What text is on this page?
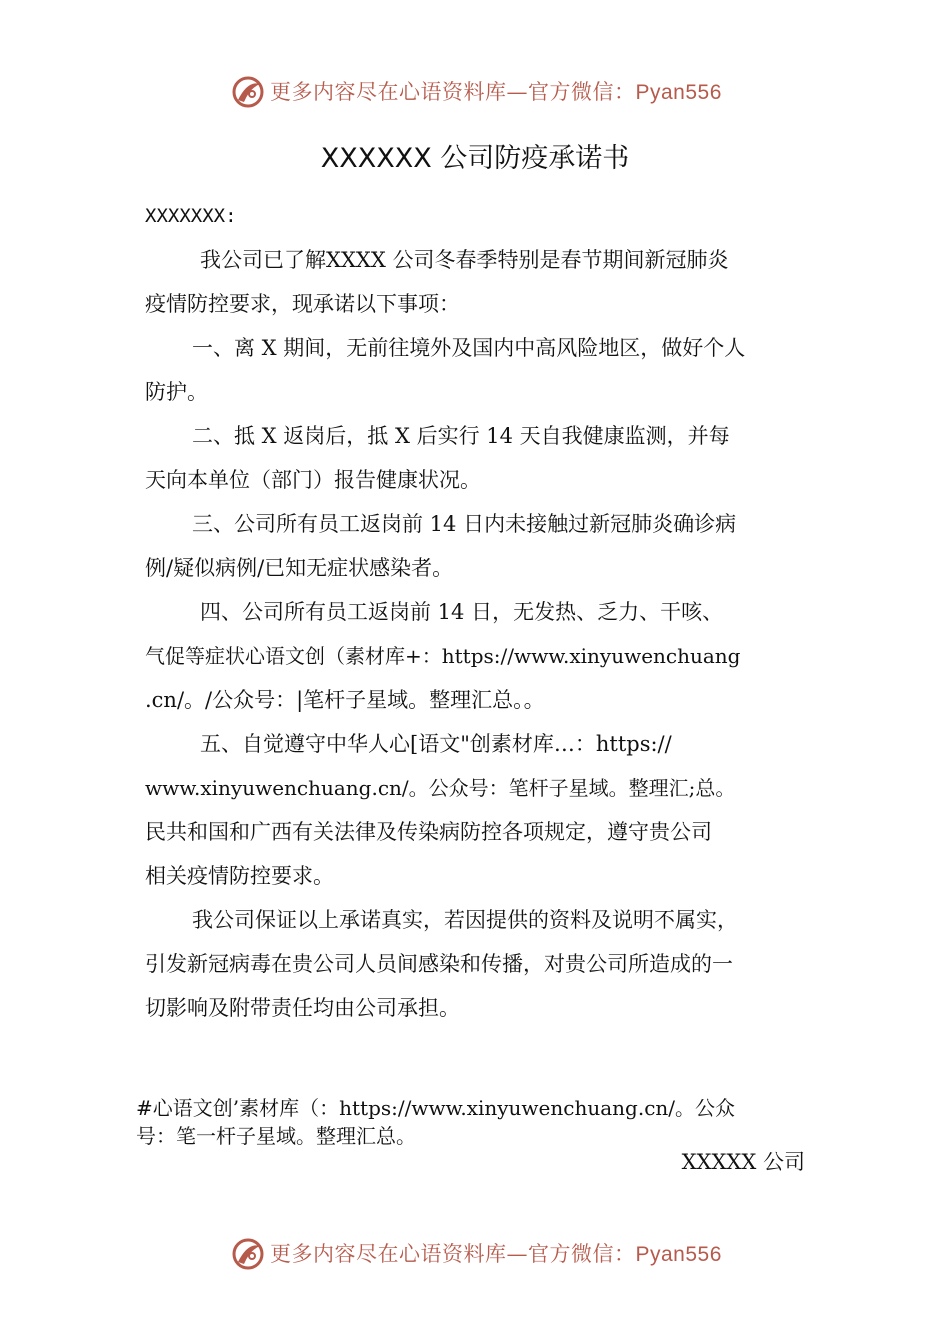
更多内容尽在心语资料库—官方微信：Pyan556
XXXXXX 公司防疫承诺书
XXXXXXX:
我公司已了解XXXX 公司冬春季特别是春节期间新冠肺炎
疫情防控要求，现承诺以下事项：
一、离 X 期间，无前往境外及国内中高风险地区，做好个人
防护。
二、抵 X 返岗后，抵 X 后实行 14 天自我健康监测，并每
天向本单位（部门）报告健康状况。
三、公司所有员工返岗前 14 日内未接触过新冠肺炎确诊病
例/疑似病例/已知无症状感染者。
四、公司所有员工返岗前 14 日，无发热、乏力、干咳、
气促等症状心语文创（素材库+：https://www.xinyuwenchuang
.cn/。/公众号：|笔杆子星域。整理汇总。。
五、自觉遵守中华人心[语文"创素材库…：https://
www.xinyuwenchuang.cn/。公众号：笔杆子星域。整理汇;总。
民共和国和广西有关法律及传染病防控各项规定，遵守贵公司
相关疫情防控要求。
我公司保证以上承诺真实，若因提供的资料及说明不属实，
引发新冠病毒在贵公司人员间感染和传播，对贵公司所造成的一
切影响及附带责任均由公司承担。
#心语文创’素材库（：https://www.xinyuwenchuang.cn/。公众
号：笔一杆子星域。整理汇总。
XXXXX 公司
更多内容尽在心语资料库—官方微信：Pyan556
